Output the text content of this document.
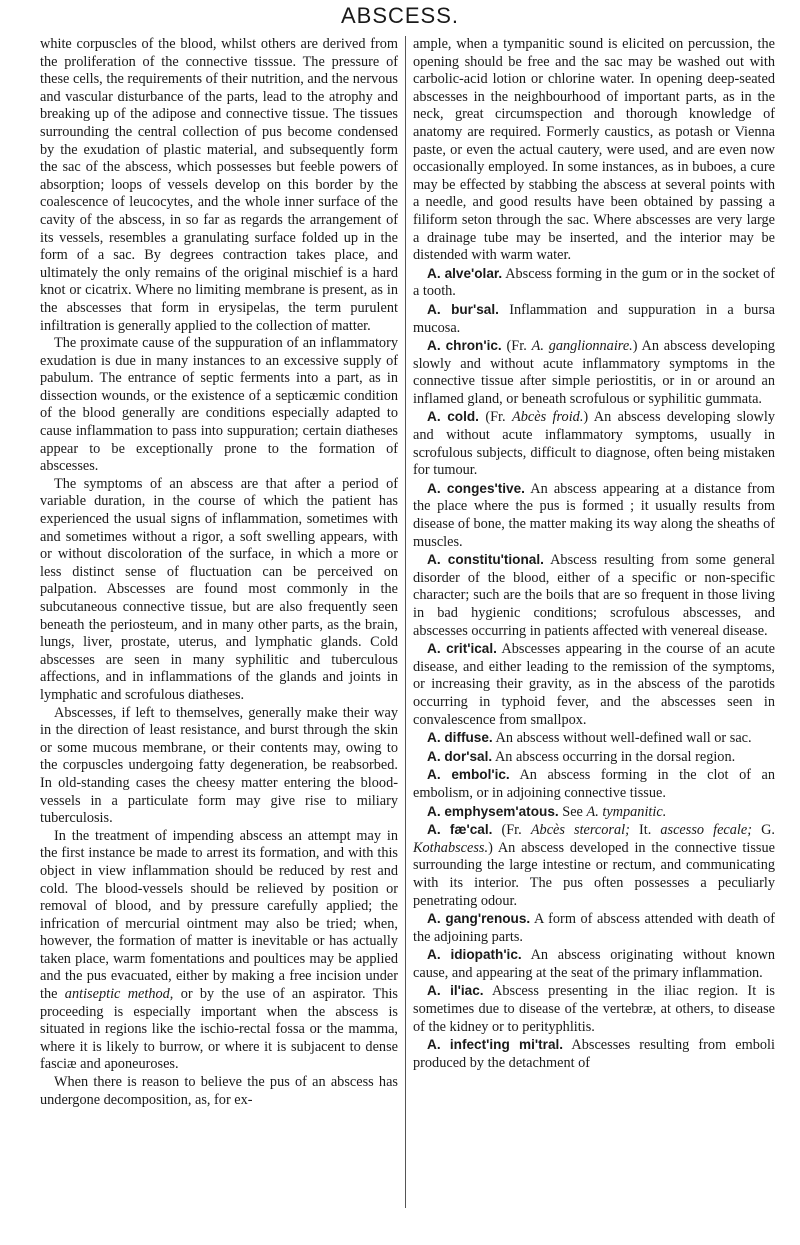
ABSCESS.

white corpuscles of the blood, whilst others are derived from the proliferation of the connective tisssue. The pressure of these cells, the requirements of their nutrition, and the nervous and vascular disturbance of the parts, lead to the atrophy and breaking up of the adipose and connective tissue. The tissues surrounding the central collection of pus become condensed by the exudation of plastic material, and subsequently form the sac of the abscess, which possesses but feeble powers of absorption; loops of vessels develop on this border by the coalescence of leucocytes, and the whole inner surface of the cavity of the abscess, in so far as regards the arrangement of its vessels, resembles a granulating surface folded up in the form of a sac. By degrees contraction takes place, and ultimately the only remains of the original mischief is a hard knot or cicatrix. Where no limiting membrane is present, as in the abscesses that form in erysipelas, the term purulent infiltration is generally applied to the collection of matter.

The proximate cause of the suppuration of an inflammatory exudation is due in many instances to an excessive supply of pabulum. The entrance of septic ferments into a part, as in dissection wounds, or the existence of a septicæmic condition of the blood generally are conditions especially adapted to cause inflammation to pass into suppuration; certain diatheses appear to be exceptionally prone to the formation of abscesses.

The symptoms of an abscess are that after a period of variable duration, in the course of which the patient has experienced the usual signs of inflammation, sometimes with and sometimes without a rigor, a soft swelling appears, with or without discoloration of the surface, in which a more or less distinct sense of fluctuation can be perceived on palpation. Abscesses are found most commonly in the subcutaneous connective tissue, but are also frequently seen beneath the periosteum, and in many other parts, as the brain, lungs, liver, prostate, uterus, and lymphatic glands. Cold abscesses are seen in many syphilitic and tuberculous affections, and in inflammations of the glands and joints in lymphatic and scrofulous diatheses.

Abscesses, if left to themselves, generally make their way in the direction of least resistance, and burst through the skin or some mucous membrane, or their contents may, owing to the corpuscles undergoing fatty degeneration, be reabsorbed. In old-standing cases the cheesy matter entering the blood-vessels in a particulate form may give rise to miliary tuberculosis.

In the treatment of impending abscess an attempt may in the first instance be made to arrest its formation, and with this object in view inflammation should be reduced by rest and cold. The blood-vessels should be relieved by position or removal of blood, and by pressure carefully applied; the infrication of mercurial ointment may also be tried; when, however, the formation of matter is inevitable or has actually taken place, warm fomentations and poultices may be applied and the pus evacuated, either by making a free incision under the antiseptic method, or by the use of an aspirator. This proceeding is especially important when the abscess is situated in regions like the ischio-rectal fossa or the mamma, where it is likely to burrow, or where it is subjacent to dense fasciæ and aponeuroses.

When there is reason to believe the pus of an abscess has undergone decomposition, as, for ex-

ample, when a tympanitic sound is elicited on percussion, the opening should be free and the sac may be washed out with carbolic-acid lotion or chlorine water. In opening deep-seated abscesses in the neighbourhood of important parts, as in the neck, great circumspection and thorough knowledge of anatomy are required. Formerly caustics, as potash or Vienna paste, or even the actual cautery, were used, and are even now occasionally employed. In some instances, as in buboes, a cure may be effected by stabbing the abscess at several points with a needle, and good results have been obtained by passing a filiform seton through the sac. Where abscesses are very large a drainage tube may be inserted, and the interior may be distended with warm water.

A. alve'olar. Abscess forming in the gum or in the socket of a tooth.

A. bur'sal. Inflammation and suppuration in a bursa mucosa.

A. chron'ic. (Fr. A. ganglionnaire.) An abscess developing slowly and without acute inflammatory symptoms in the connective tissue after simple periostitis, or in or around an inflamed gland, or beneath scrofulous or syphilitic gummata.

A. cold. (Fr. Abcès froid.) An abscess developing slowly and without acute inflammatory symptoms, usually in scrofulous subjects, difficult to diagnose, often being mistaken for tumour.

A. conges'tive. An abscess appearing at a distance from the place where the pus is formed ; it usually results from disease of bone, the matter making its way along the sheaths of muscles.

A. constitu'tional. Abscess resulting from some general disorder of the blood, either of a specific or non-specific character; such are the boils that are so frequent in those living in bad hygienic conditions; scrofulous abscesses, and abscesses occurring in patients affected with venereal disease.

A. crit'ical. Abscesses appearing in the course of an acute disease, and either leading to the remission of the symptoms, or increasing their gravity, as in the abscess of the parotids occurring in typhoid fever, and the abscesses seen in convalescence from smallpox.

A. diffuse. An abscess without well-defined wall or sac.

A. dor'sal. An abscess occurring in the dorsal region.

A. embol'ic. An abscess forming in the clot of an embolism, or in adjoining connective tissue.

A. emphysem'atous. See A. tympanitic.

A. fæ'cal. (Fr. Abcès stercoral; It. ascesso fecale; G. Kothabscess.) An abscess developed in the connective tissue surrounding the large intestine or rectum, and communicating with its interior. The pus often possesses a peculiarly penetrating odour.

A. gang'renous. A form of abscess attended with death of the adjoining parts.

A. idiopath'ic. An abscess originating without known cause, and appearing at the seat of the primary inflammation.

A. il'iac. Abscess presenting in the iliac region. It is sometimes due to disease of the vertebræ, at others, to disease of the kidney or to perityphlitis.

A. infect'ing mi'tral. Abscesses resulting from emboli produced by the detachment of
